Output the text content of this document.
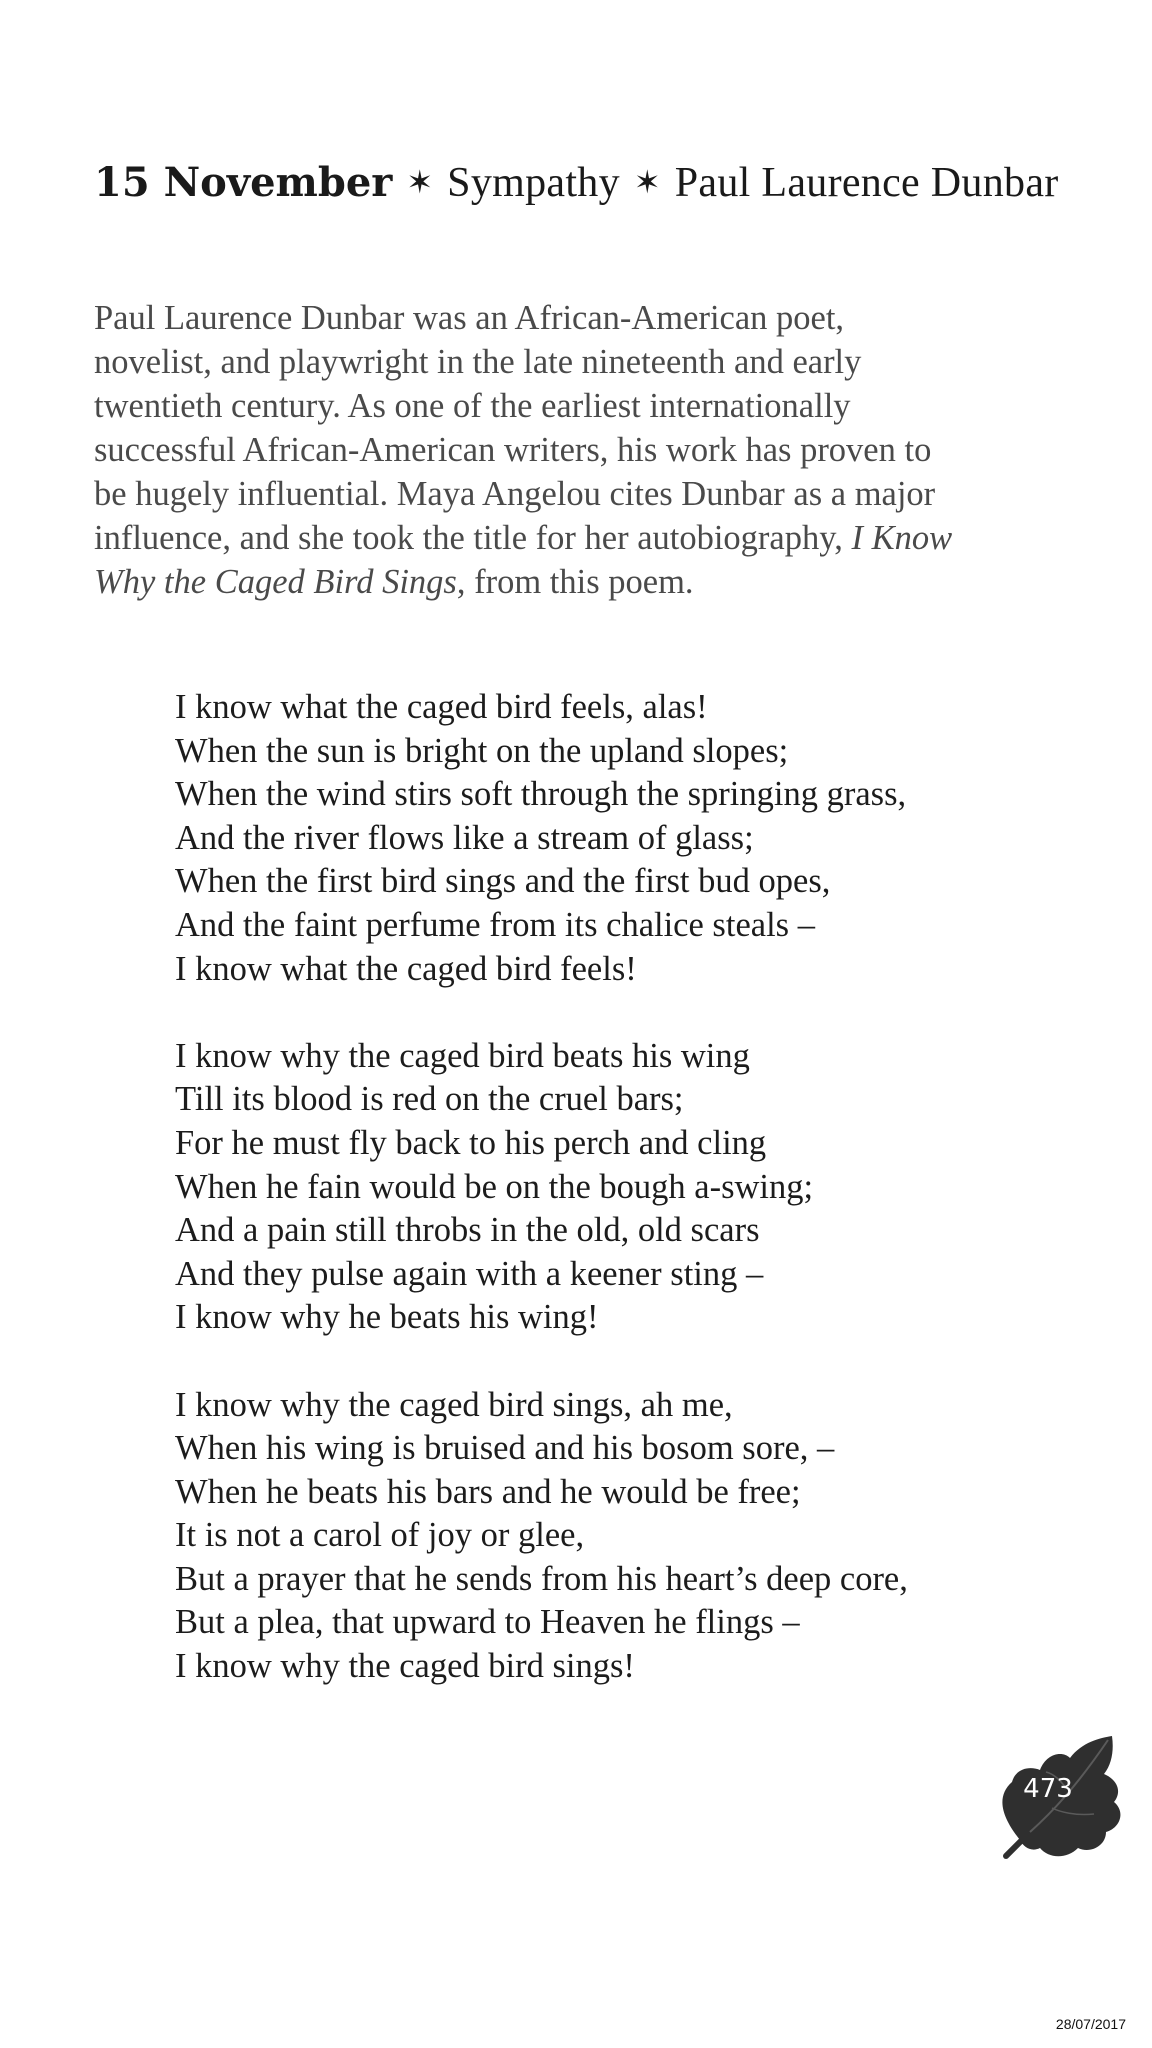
15 November ✶ Sympathy ✶ Paul Laurence Dunbar
Paul Laurence Dunbar was an African-American poet,
novelist, and playwright in the late nineteenth and early
twentieth century. As one of the earliest internationally
successful African-American writers, his work has proven to
be hugely influential. Maya Angelou cites Dunbar as a major
influence, and she took the title for her autobiography, I Know
Why the Caged Bird Sings, from this poem.
I know what the caged bird feels, alas!
When the sun is bright on the upland slopes;
When the wind stirs soft through the springing grass,
And the river flows like a stream of glass;
When the first bird sings and the first bud opes,
And the faint perfume from its chalice steals –
I know what the caged bird feels!
I know why the caged bird beats his wing
Till its blood is red on the cruel bars;
For he must fly back to his perch and cling
When he fain would be on the bough a-swing;
And a pain still throbs in the old, old scars
And they pulse again with a keener sting –
I know why he beats his wing!
I know why the caged bird sings, ah me,
When his wing is bruised and his bosom sore, –
When he beats his bars and he would be free;
It is not a carol of joy or glee,
But a prayer that he sends from his heart’s deep core,
But a plea, that upward to Heaven he flings –
I know why the caged bird sings!
473
28/07/2017
